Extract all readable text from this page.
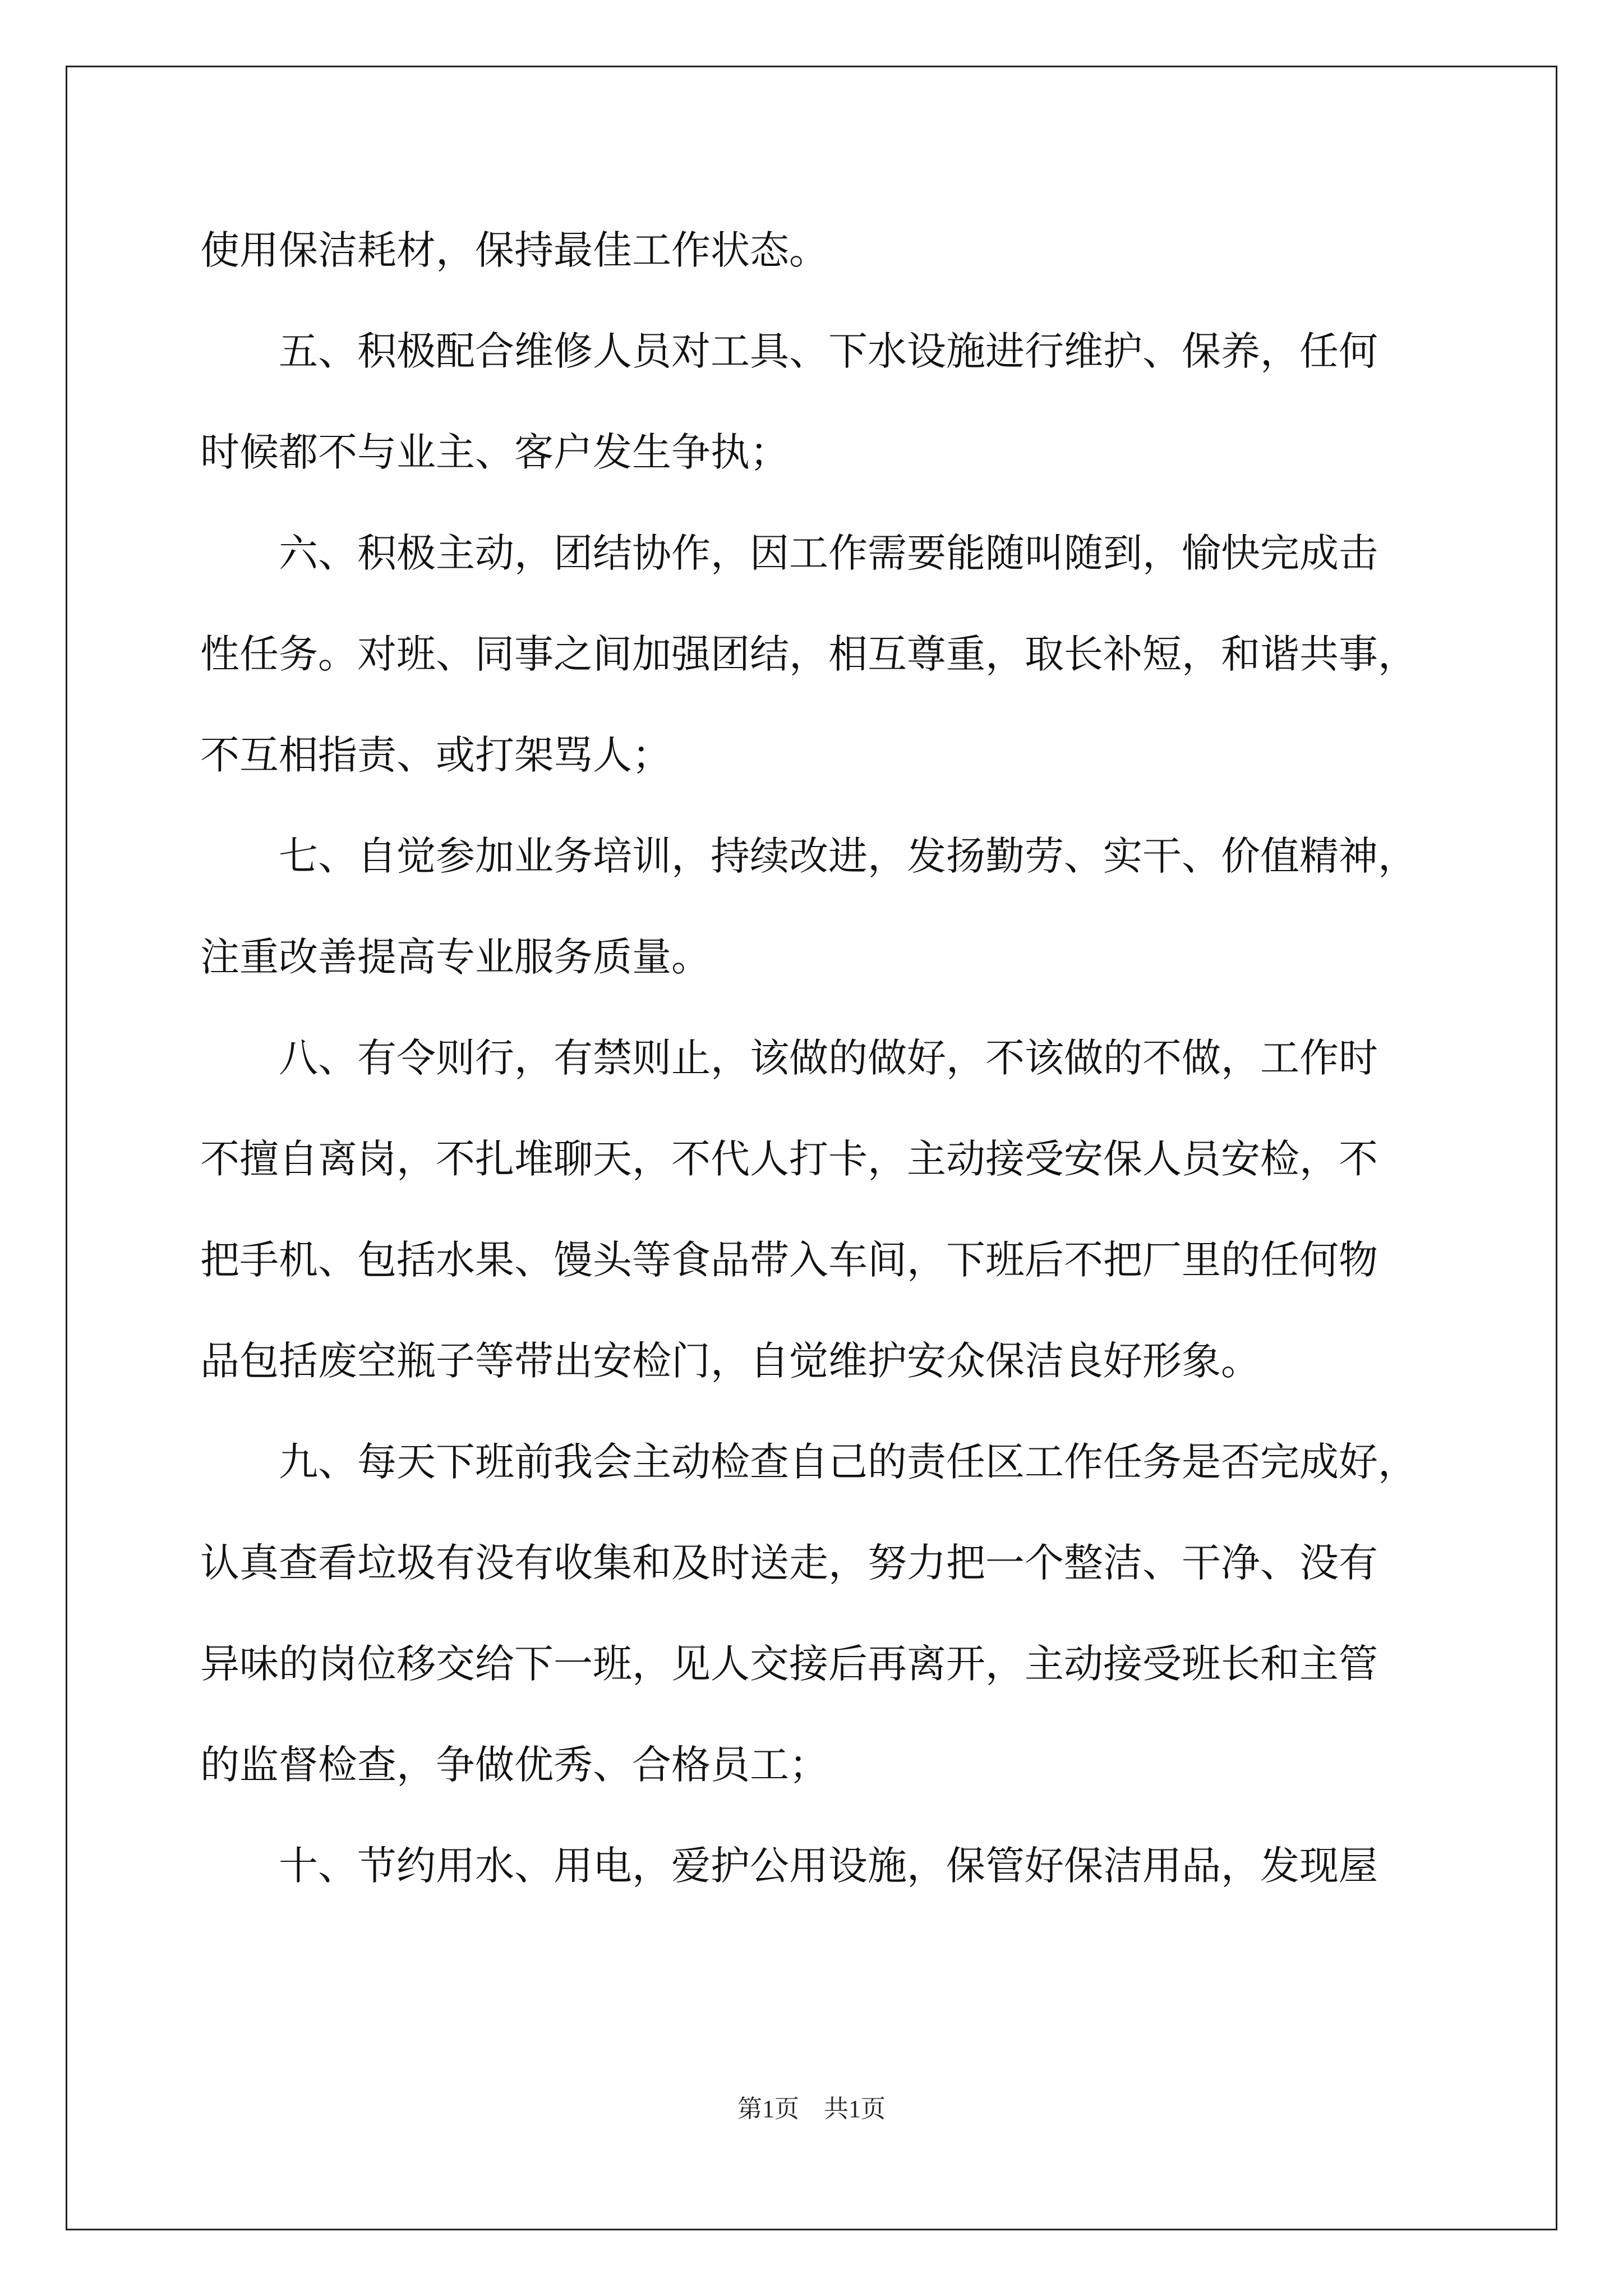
使用保洁耗材，保持最佳工作状态。
　　五、积极配合维修人员对工具、下水设施进行维护、保养，任何
时候都不与业主、客户发生争执；
　　六、积极主动，团结协作，因工作需要能随叫随到，愉快完成击
性任务。对班、同事之间加强团结，相互尊重，取长补短，和谐共事，
不互相指责、或打架骂人；
　　七、自觉参加业务培训，持续改进，发扬勤劳、实干、价值精神，
注重改善提高专业服务质量。
　　八、有令则行，有禁则止，该做的做好，不该做的不做，工作时
不擅自离岗，不扎堆聊天，不代人打卡，主动接受安保人员安检，不
把手机、包括水果、馒头等食品带入车间，下班后不把厂里的任何物
品包括废空瓶子等带出安检门，自觉维护安众保洁良好形象。
　　九、每天下班前我会主动检查自己的责任区工作任务是否完成好，
认真查看垃圾有没有收集和及时送走，努力把一个整洁、干净、没有
异味的岗位移交给下一班，见人交接后再离开，主动接受班长和主管
的监督检查，争做优秀、合格员工；
　　十、节约用水、用电，爱护公用设施，保管好保洁用品，发现屋
第1页　共1页
